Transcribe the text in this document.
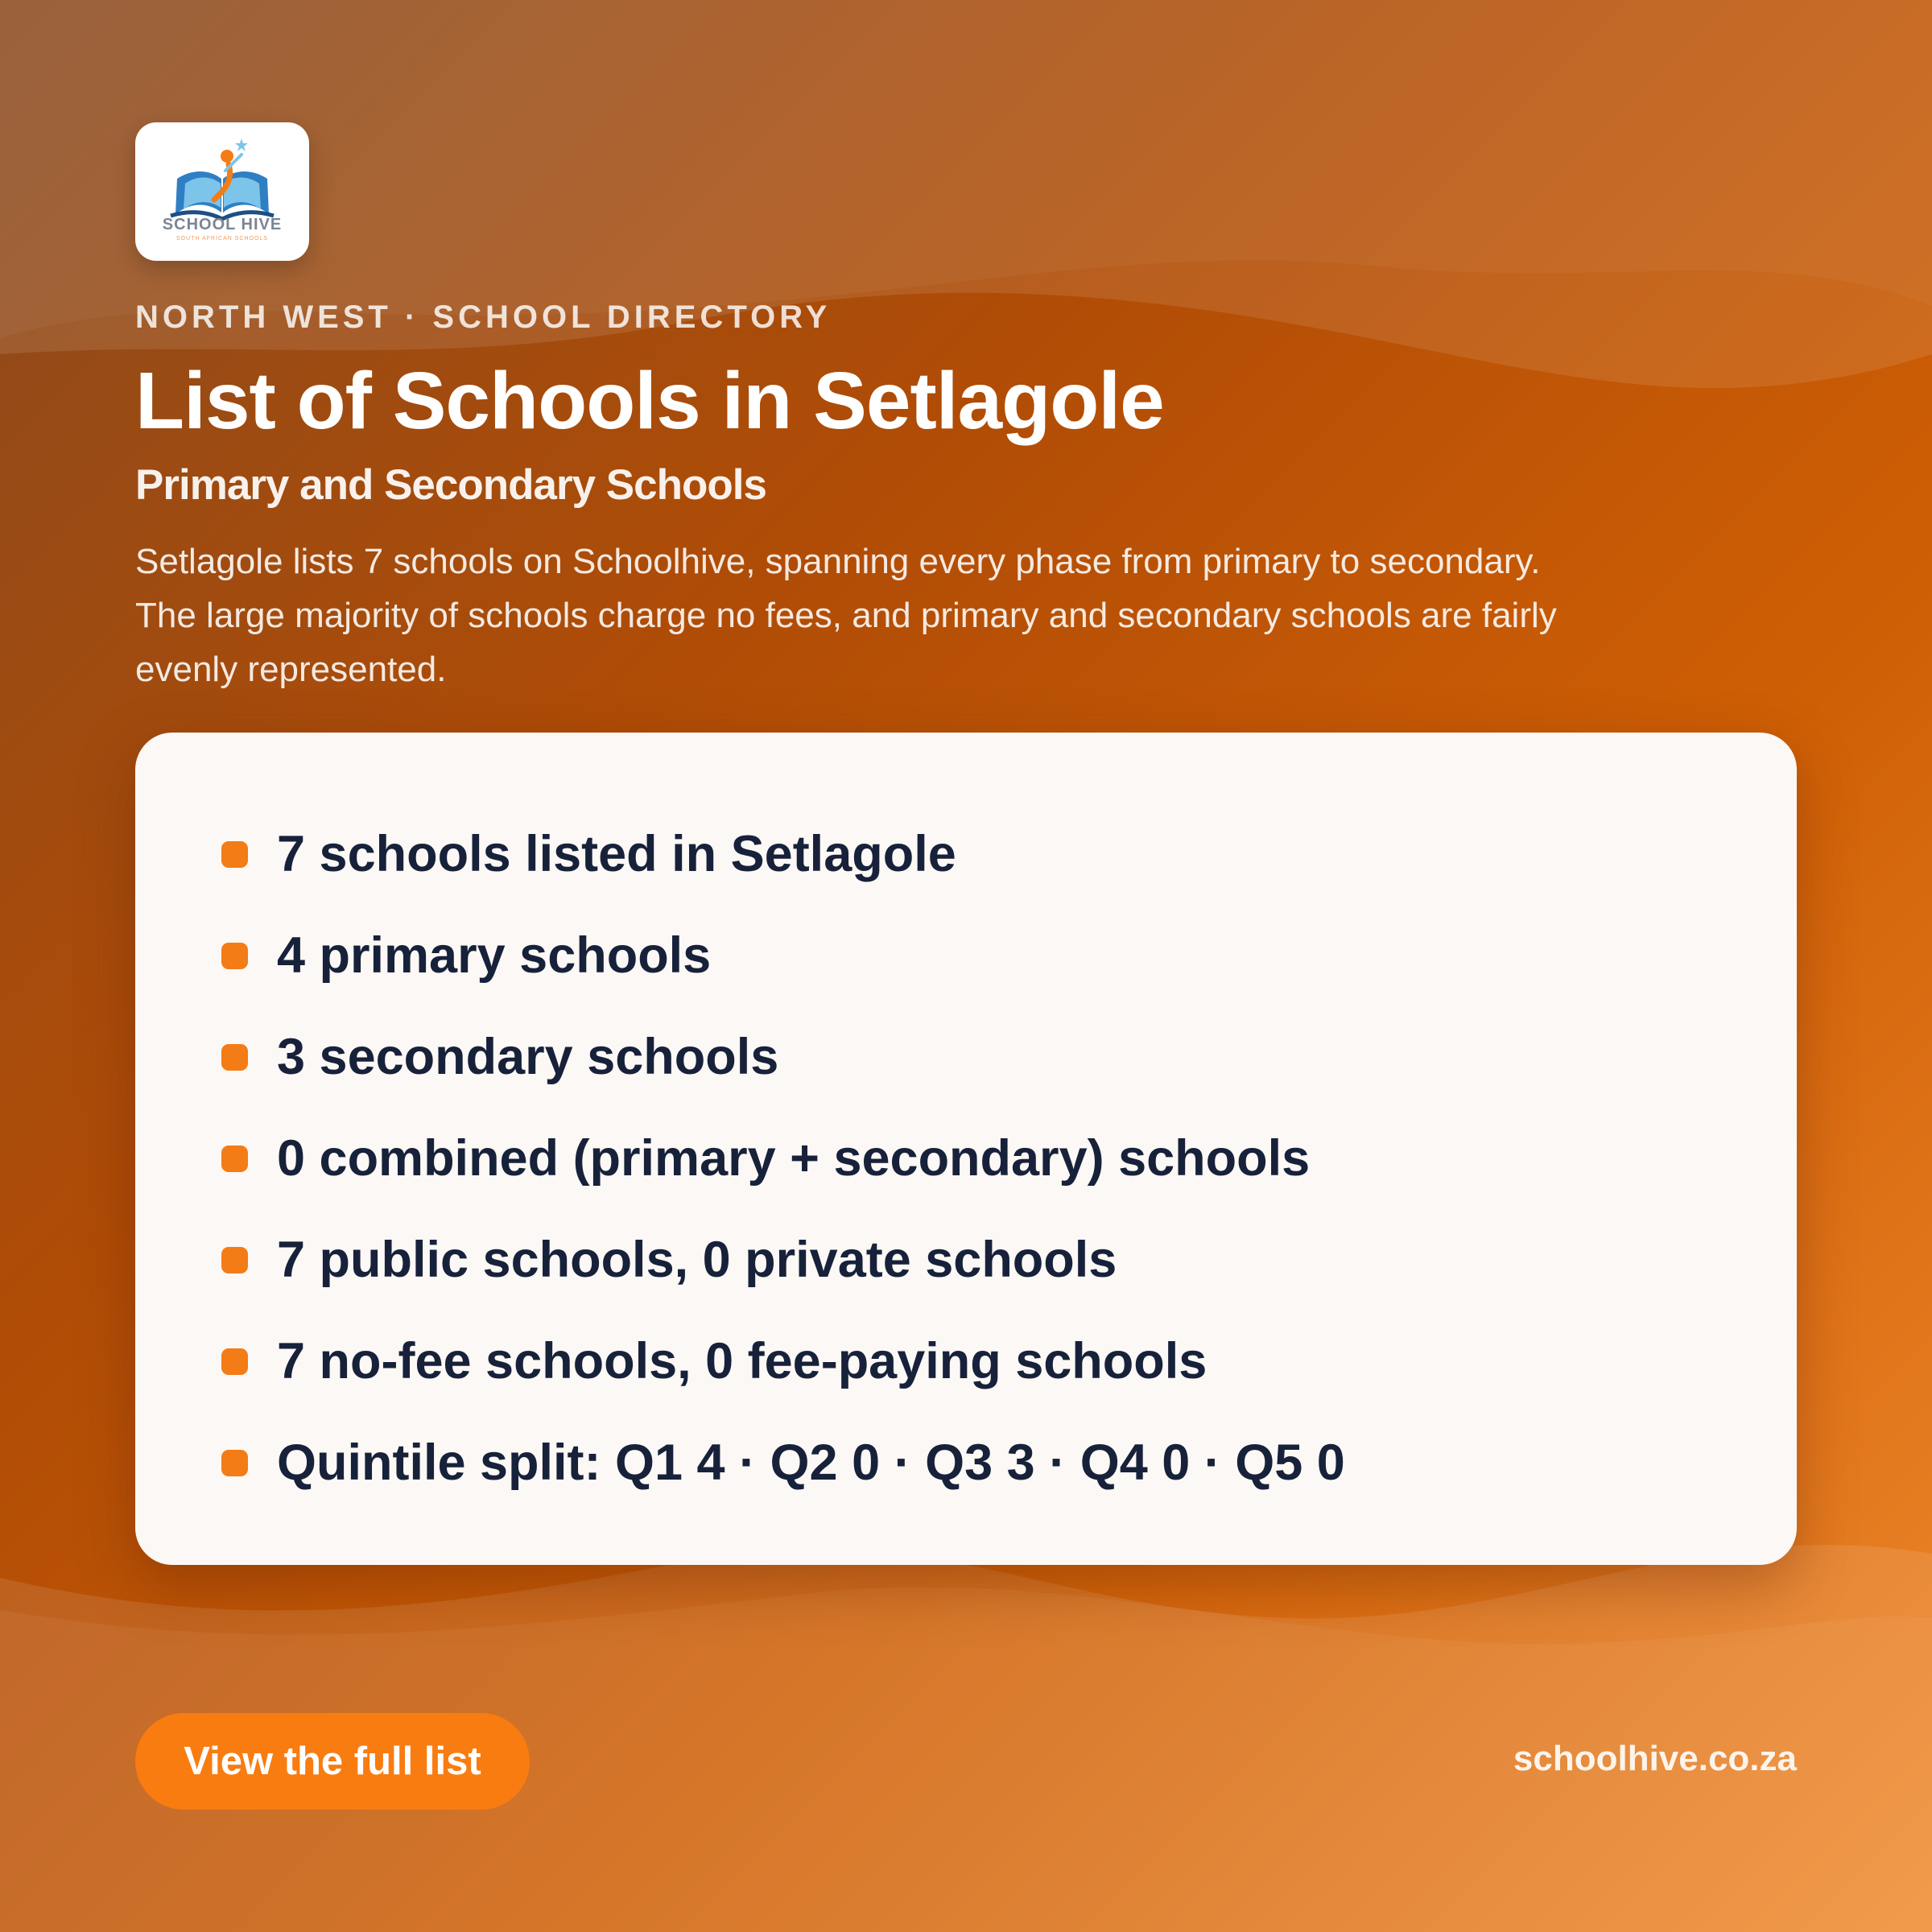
SCHOOL HIVE
SOUTH AFRICAN SCHOOLS
NORTH WEST · SCHOOL DIRECTORY
List of Schools in Setlagole
Primary and Secondary Schools
Setlagole lists 7 schools on Schoolhive, spanning every phase from primary to secondary. The large majority of schools charge no fees, and primary and secondary schools are fairly evenly represented.
7 schools listed in Setlagole
4 primary schools
3 secondary schools
0 combined (primary + secondary) schools
7 public schools, 0 private schools
7 no-fee schools, 0 fee-paying schools
Quintile split: Q1 4 · Q2 0 · Q3 3 · Q4 0 · Q5 0
View the full list	schoolhive.co.za
